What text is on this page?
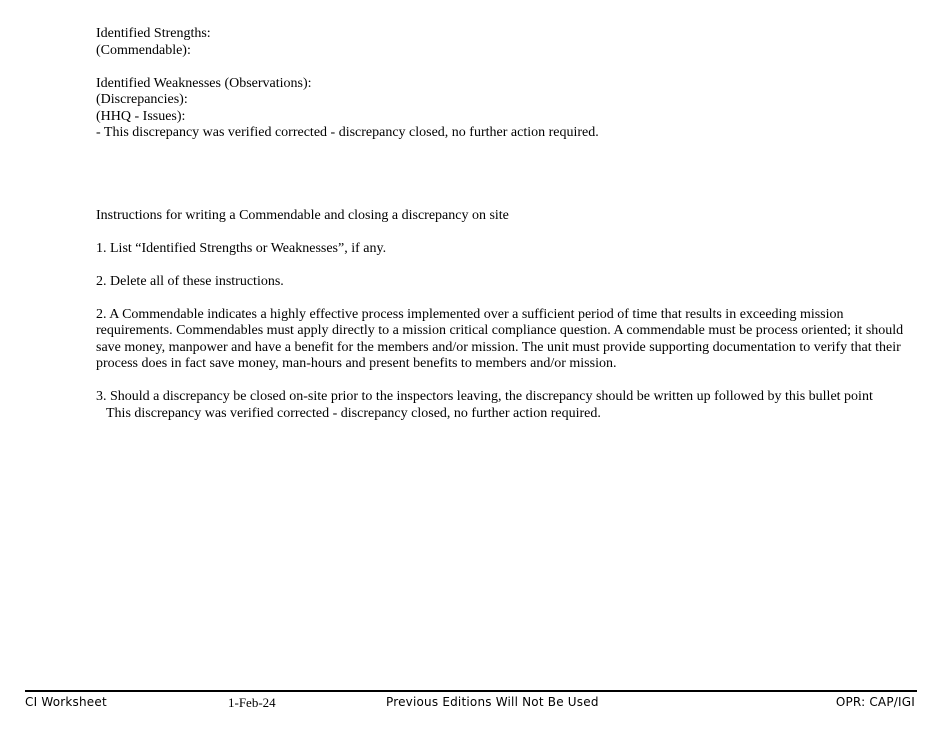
Identified Strengths:
(Commendable):
Identified Weaknesses (Observations):
(Discrepancies):
(HHQ - Issues):
- This discrepancy was verified corrected - discrepancy closed, no further action required.
Instructions for writing a Commendable and closing a discrepancy on site
1. List “Identified Strengths or Weaknesses”, if any.
2. Delete all of these instructions.
2. A Commendable indicates a highly effective process implemented over a sufficient period of time that results in exceeding mission requirements. Commendables must apply directly to a mission critical compliance question. A commendable must be process oriented; it should save money, manpower and have a benefit for the members and/or mission. The unit must provide supporting documentation to verify that their process does in fact save money, man-hours and present benefits to members and/or mission.
3. Should a discrepancy be closed on-site prior to the inspectors leaving, the discrepancy should be written up followed by this bullet point
This discrepancy was verified corrected - discrepancy closed, no further action required.
CI Worksheet	1-Feb-24	Previous Editions Will Not Be Used	OPR: CAP/IGI
